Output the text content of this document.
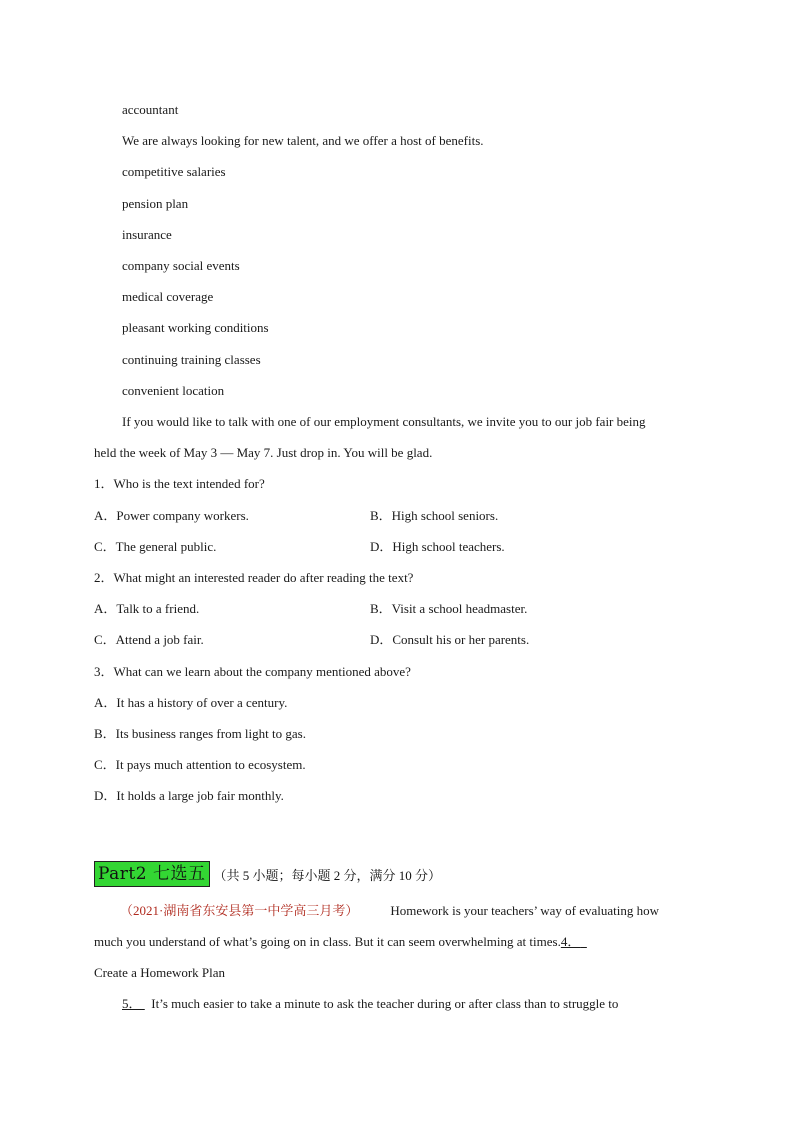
accountant
We are always looking for new talent, and we offer a host of benefits.
competitive salaries
pension plan
insurance
company social events
medical coverage
pleasant working conditions
continuing training classes
convenient location
If you would like to talk with one of our employment consultants, we invite you to our job fair being
held the week of May 3 — May 7. Just drop in. You will be glad.
1．Who is the text intended for?
A．Power company workers.	B．High school seniors.
C．The general public.	D．High school teachers.
2．What might an interested reader do after reading the text?
A．Talk to a friend.	B．Visit a school headmaster.
C．Attend a job fair.	D．Consult his or her parents.
3．What can we learn about the company mentioned above?
A．It has a history of over a century.
B．Its business ranges from light to gas.
C．It pays much attention to ecosystem.
D．It holds a large job fair monthly.
Part2 七选五 （共 5 小题；每小题 2 分，满分 10 分）
（2021·湖南省东安县第一中学高三月考） Homework is your teachers’ way of evaluating how
much you understand of what’s going on in class. But it can seem overwhelming at times.4．
Create a Homework Plan
5． It’s much easier to take a minute to ask the teacher during or after class than to struggle to
